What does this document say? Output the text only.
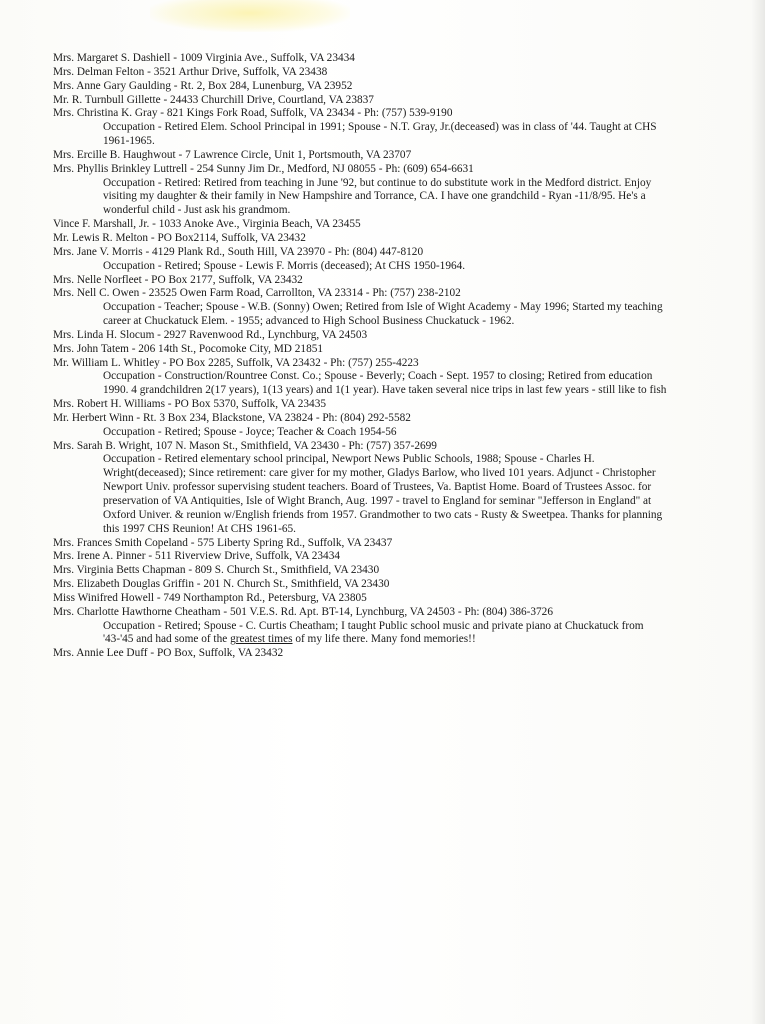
Mrs. Margaret S. Dashiell - 1009 Virginia Ave., Suffolk, VA 23434
Mrs. Delman Felton - 3521 Arthur Drive, Suffolk, VA 23438
Mrs. Anne Gary Gaulding - Rt. 2, Box 284, Lunenburg, VA 23952
Mr. R. Turnbull Gillette - 24433 Churchill Drive, Courtland, VA 23837
Mrs. Christina K. Gray - 821 Kings Fork Road, Suffolk, VA 23434 - Ph: (757) 539-9190
Occupation - Retired Elem. School Principal in 1991; Spouse - N.T. Gray, Jr.(deceased) was in class of '44. Taught at CHS
1961-1965.
Mrs. Ercille B. Haughwout - 7 Lawrence Circle, Unit 1, Portsmouth, VA 23707
Mrs. Phyllis Brinkley Luttrell - 254 Sunny Jim Dr., Medford, NJ 08055 - Ph: (609) 654-6631
Occupation - Retired: Retired from teaching in June '92, but continue to do substitute work in the Medford district. Enjoy
visiting my daughter & their family in New Hampshire and Torrance, CA. I have one grandchild - Ryan -11/8/95. He's a
wonderful child - Just ask his grandmom.
Vince F. Marshall, Jr. - 1033 Anoke Ave., Virginia Beach, VA 23455
Mr. Lewis R. Melton - PO Box2114, Suffolk, VA 23432
Mrs. Jane V. Morris - 4129 Plank Rd., South Hill, VA 23970 - Ph: (804) 447-8120
Occupation - Retired; Spouse - Lewis F. Morris (deceased); At CHS 1950-1964.
Mrs. Nelle Norfleet - PO Box 2177, Suffolk, VA 23432
Mrs. Nell C. Owen - 23525 Owen Farm Road, Carrollton, VA 23314 - Ph: (757) 238-2102
Occupation - Teacher; Spouse - W.B. (Sonny) Owen; Retired from Isle of Wight Academy - May 1996; Started my teaching
career at Chuckatuck Elem. - 1955; advanced to High School Business Chuckatuck - 1962.
Mrs. Linda H. Slocum - 2927 Ravenwood Rd., Lynchburg, VA 24503
Mrs. John Tatem - 206 14th St., Pocomoke City, MD 21851
Mr. William L. Whitley - PO Box 2285, Suffolk, VA 23432 - Ph: (757) 255-4223
Occupation - Construction/Rountree Const. Co.; Spouse - Beverly; Coach - Sept. 1957 to closing; Retired from education
1990. 4 grandchildren 2(17 years), 1(13 years) and 1(1 year). Have taken several nice trips in last few years - still like to fish
Mrs. Robert H. Williams - PO Box 5370, Suffolk, VA 23435
Mr. Herbert Winn - Rt. 3 Box 234, Blackstone, VA 23824 - Ph: (804) 292-5582
Occupation - Retired; Spouse - Joyce; Teacher & Coach 1954-56
Mrs. Sarah B. Wright, 107 N. Mason St., Smithfield, VA 23430 - Ph: (757) 357-2699
Occupation - Retired elementary school principal, Newport News Public Schools, 1988; Spouse - Charles H.
Wright(deceased); Since retirement: care giver for my mother, Gladys Barlow, who lived 101 years. Adjunct - Christopher
Newport Univ. professor supervising student teachers. Board of Trustees, Va. Baptist Home. Board of Trustees Assoc. for
preservation of VA Antiquities, Isle of Wight Branch, Aug. 1997 - travel to England for seminar "Jefferson in England" at
Oxford Univer. & reunion w/English friends from 1957. Grandmother to two cats - Rusty & Sweetpea. Thanks for planning
this 1997 CHS Reunion! At CHS 1961-65.
Mrs. Frances Smith Copeland - 575 Liberty Spring Rd., Suffolk, VA 23437
Mrs. Irene A. Pinner - 511 Riverview Drive, Suffolk, VA 23434
Mrs. Virginia Betts Chapman - 809 S. Church St., Smithfield, VA 23430
Mrs. Elizabeth Douglas Griffin - 201 N. Church St., Smithfield, VA 23430
Miss Winifred Howell - 749 Northampton Rd., Petersburg, VA 23805
Mrs. Charlotte Hawthorne Cheatham - 501 V.E.S. Rd. Apt. BT-14, Lynchburg, VA 24503 - Ph: (804) 386-3726
Occupation - Retired; Spouse - C. Curtis Cheatham; I taught Public school music and private piano at Chuckatuck from
'43-'45 and had some of the greatest times of my life there. Many fond memories!!
Mrs. Annie Lee Duff - PO Box, Suffolk, VA 23432
